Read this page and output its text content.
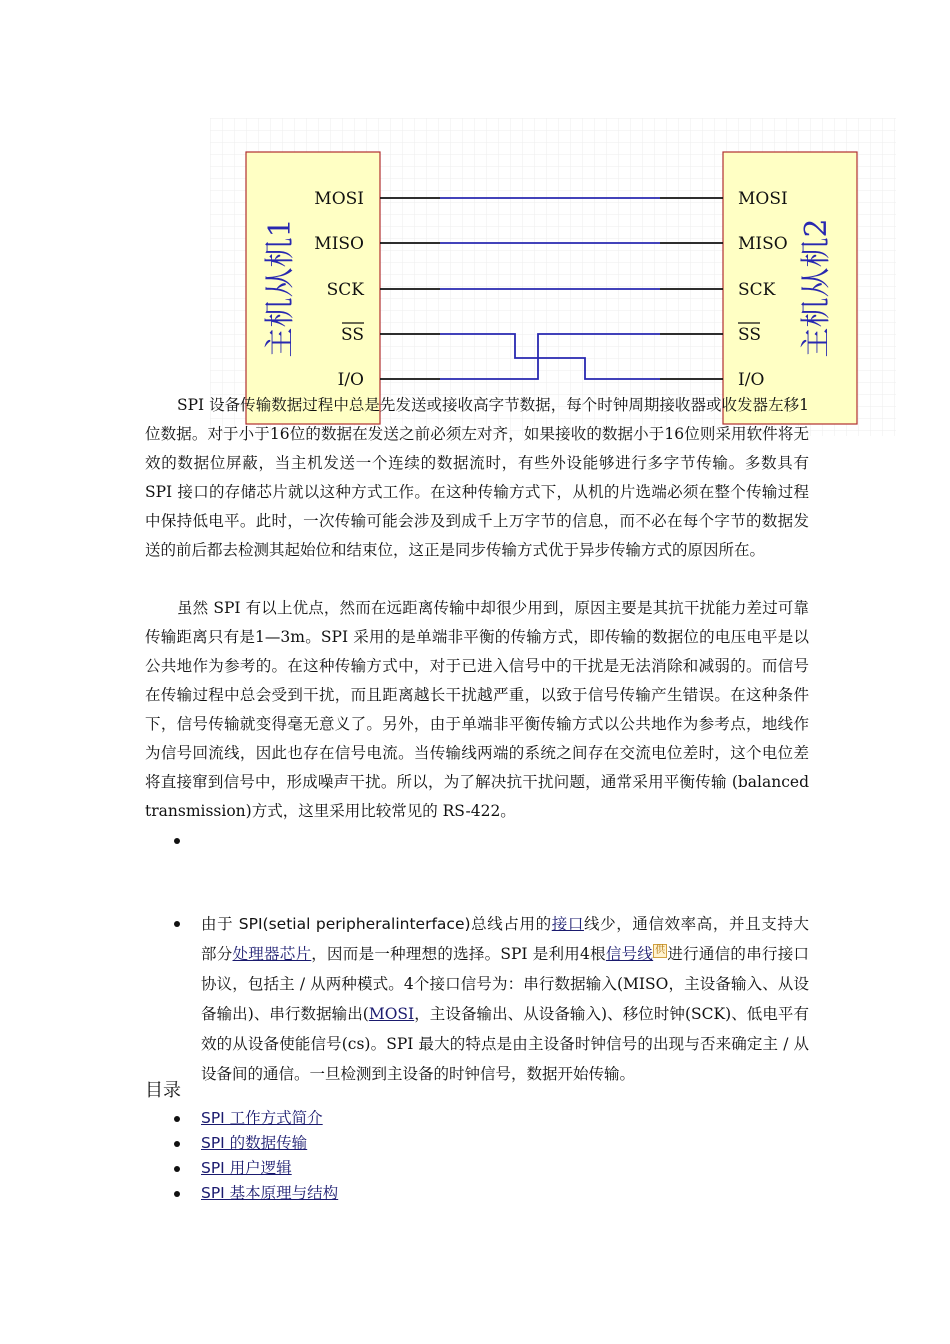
主机从机1	主机从机2
MOSI
MISO
SCK
SS
I/O
MOSI
MISO
SCK
SS
I/O

SPI 设备传输数据过程中总是先发送或接收高字节数据，每个时钟周期接收器或收发器左移1位数据。对于小于16位的数据在发送之前必须左对齐，如果接收的数据小于16位则采用软件将无效的数据位屏蔽，当主机发送一个连续的数据流时，有些外设能够进行多字节传输。多数具有 SPI 接口的存储芯片就以这种方式工作。在这种传输方式下，从机的片选端必须在整个传输过程中保持低电平。此时，一次传输可能会涉及到成千上万字节的信息，而不必在每个字节的数据发送的前后都去检测其起始位和结束位，这正是同步传输方式优于异步传输方式的原因所在。

虽然 SPI 有以上优点，然而在远距离传输中却很少用到，原因主要是其抗干扰能力差过可靠传输距离只有是1—3m。SPI 采用的是单端非平衡的传输方式，即传输的数据位的电压电平是以公共地作为参考的。在这种传输方式中，对于已进入信号中的干扰是无法消除和减弱的。而信号在传输过程中总会受到干扰，而且距离越长干扰越严重，以致于信号传输产生错误。在这种条件下，信号传输就变得毫无意义了。另外，由于单端非平衡传输方式以公共地作为参考点，地线作为信号回流线，因此也存在信号电流。当传输线两端的系统之间存在交流电位差时，这个电位差将直接窜到信号中，形成噪声干扰。所以，为了解决抗干扰问题，通常采用平衡传输 (balanced transmission)方式，这里采用比较常见的 RS-422。

由于 SPI(setial peripheralinterface)总线占用的接口线少，通信效率高，并且支持大部分处理器芯片，因而是一种理想的选择。SPI 是利用4根信号线 供 进行通信的串行接口协议，包括主 / 从两种模式。4个接口信号为：串行数据输入(MISO，主设备输入、从设备输出)、串行数据输出(MOSI，主设备输出、从设备输入)、移位时钟(SCK)、低电平有效的从设备使能信号(cs)。SPI 最大的特点是由主设备时钟信号的出现与否来确定主 / 从设备间的通信。一旦检测到主设备的时钟信号，数据开始传输。

目录

SPI 工作方式简介
SPI 的数据传输
SPI 用户逻辑
SPI 基本原理与结构
